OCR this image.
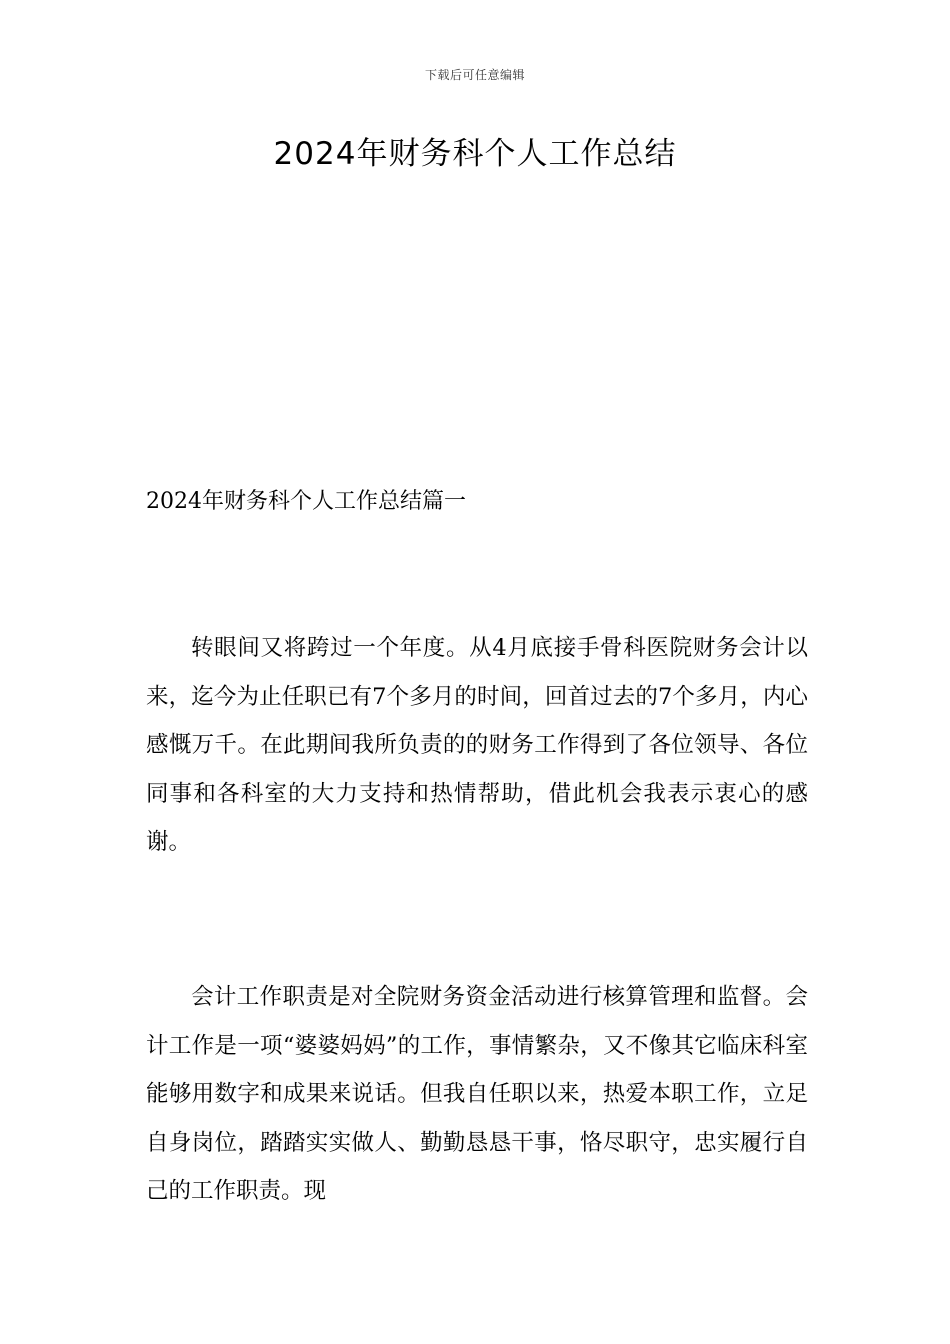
下载后可任意编辑
2024年财务科个人工作总结
2024年财务科个人工作总结篇一

转眼间又将跨过一个年度。从4月底接手骨科医院财务会计以来，迄今为止任职已有7个多月的时间，回首过去的7个多月，内心感慨万千。在此期间我所负责的的财务工作得到了各位领导、各位同事和各科室的大力支持和热情帮助，借此机会我表示衷心的感谢。

会计工作职责是对全院财务资金活动进行核算管理和监督。会计工作是一项“婆婆妈妈”的工作，事情繁杂，又不像其它临床科室能够用数字和成果来说话。但我自任职以来，热爱本职工作，立足自身岗位，踏踏实实做人、勤勤恳恳干事，恪尽职守，忠实履行自己的工作职责。现
